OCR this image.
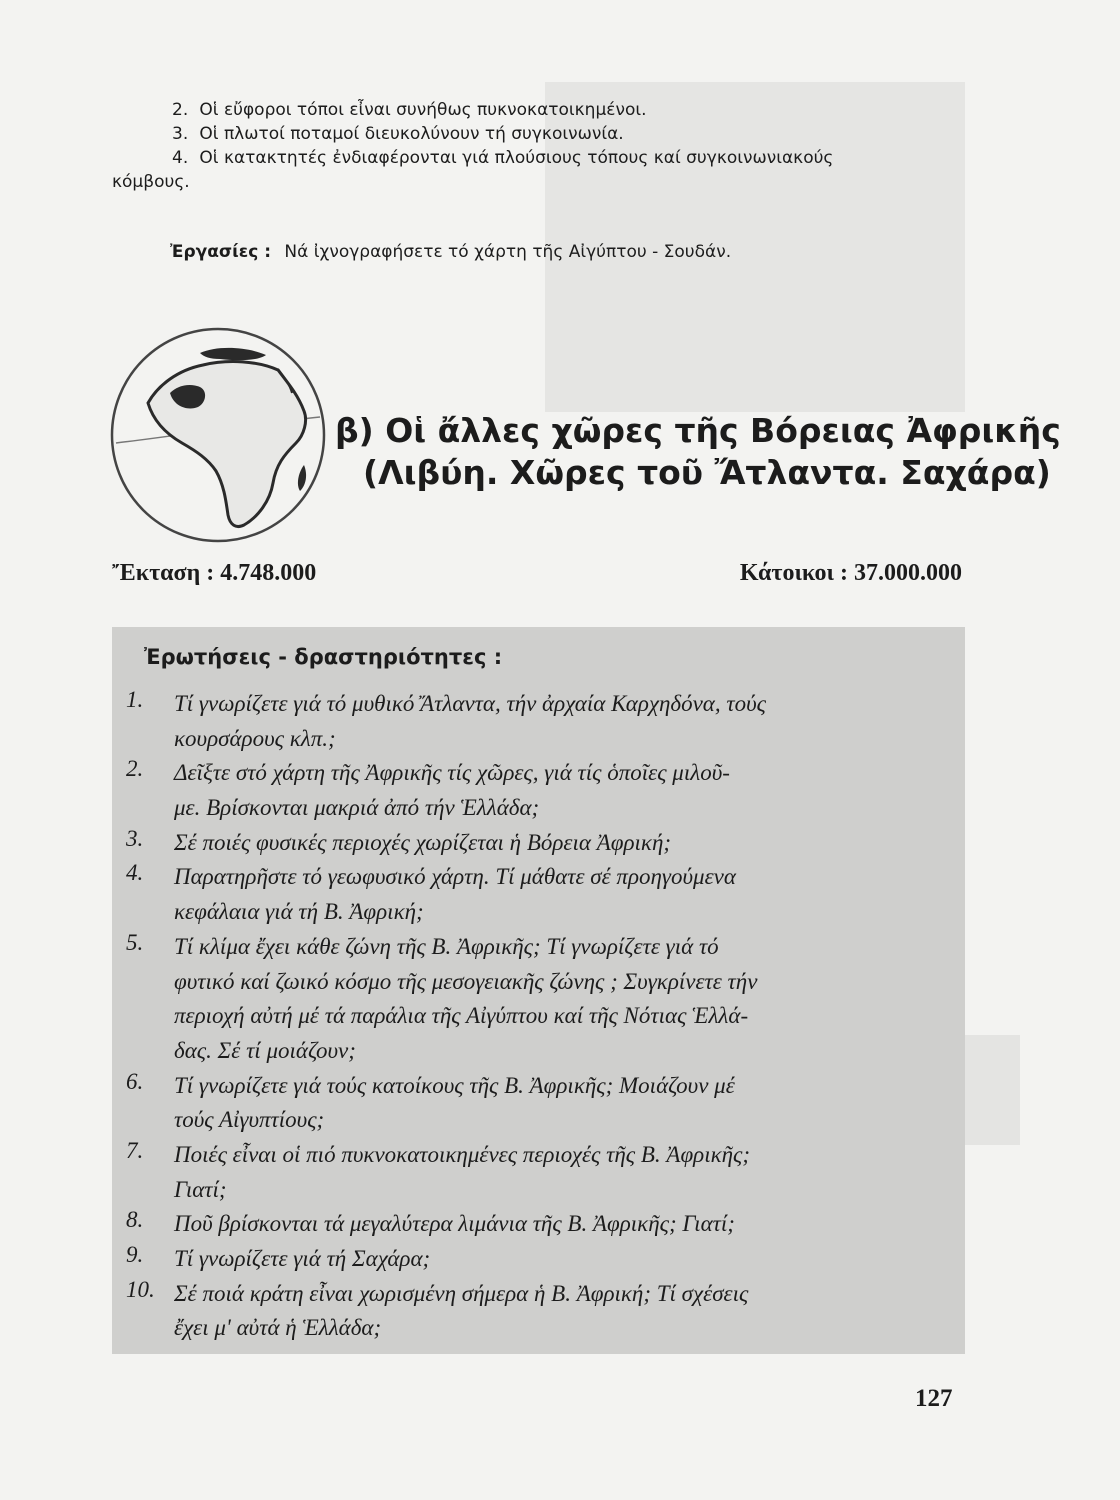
2. Οἱ εὔφοροι τόποι εἶναι συνήθως πυκνοκατοικημένοι.
3. Οἱ πλωτοί ποταμοί διευκολύνουν τή συγκοινωνία.
4. Οἱ κατακτητές ἐνδιαφέρονται γιά πλούσιους τόπους καί συγκοινωνιακούς
κόμβους.
Ἐργασίες : Νά ἰχνογραφήσετε τό χάρτη τῆς Αἰγύπτου - Σουδάν.
β) Οἱ ἄλλες χῶρες τῆς Βόρειας Ἀφρικῆς
(Λιβύη. Χῶρες τοῦ Ἄτλαντα. Σαχάρα)
Ἔκταση : 4.748.000	Κάτοικοι : 37.000.000
Ἐρωτήσεις - δραστηριότητες :
1.	Τί γνωρίζετε γιά τό μυθικό Ἄτλαντα, τήν ἀρχαία Καρχηδόνα, τούς
κουρσάρους κλπ.;
2.	Δεῖξτε στό χάρτη τῆς Ἀφρικῆς τίς χῶρες, γιά τίς ὁποῖες μιλοῦ-
με. Βρίσκονται μακριά ἀπό τήν Ἑλλάδα;
3.	Σέ ποιές φυσικές περιοχές χωρίζεται ἡ Βόρεια Ἀφρική;
4.	Παρατηρῆστε τό γεωφυσικό χάρτη. Τί μάθατε σέ προηγούμενα
κεφάλαια γιά τή Β. Ἀφρική;
5.	Τί κλίμα ἔχει κάθε ζώνη τῆς Β. Ἀφρικῆς; Τί γνωρίζετε γιά τό
φυτικό καί ζωικό κόσμο τῆς μεσογειακῆς ζώνης ; Συγκρίνετε τήν
περιοχή αὐτή μέ τά παράλια τῆς Αἰγύπτου καί τῆς Νότιας Ἑλλά-
δας. Σέ τί μοιάζουν;
6.	Τί γνωρίζετε γιά τούς κατοίκους τῆς Β. Ἀφρικῆς; Μοιάζουν μέ
τούς Αἰγυπτίους;
7.	Ποιές εἶναι οἱ πιό πυκνοκατοικημένες περιοχές τῆς Β. Ἀφρικῆς;
Γιατί;
8.	Ποῦ βρίσκονται τά μεγαλύτερα λιμάνια τῆς Β. Ἀφρικῆς; Γιατί;
9.	Τί γνωρίζετε γιά τή Σαχάρα;
10. Σέ ποιά κράτη εἶναι χωρισμένη σήμερα ἡ Β. Ἀφρική; Τί σχέσεις
ἔχει μ' αὐτά ἡ Ἑλλάδα;
127
